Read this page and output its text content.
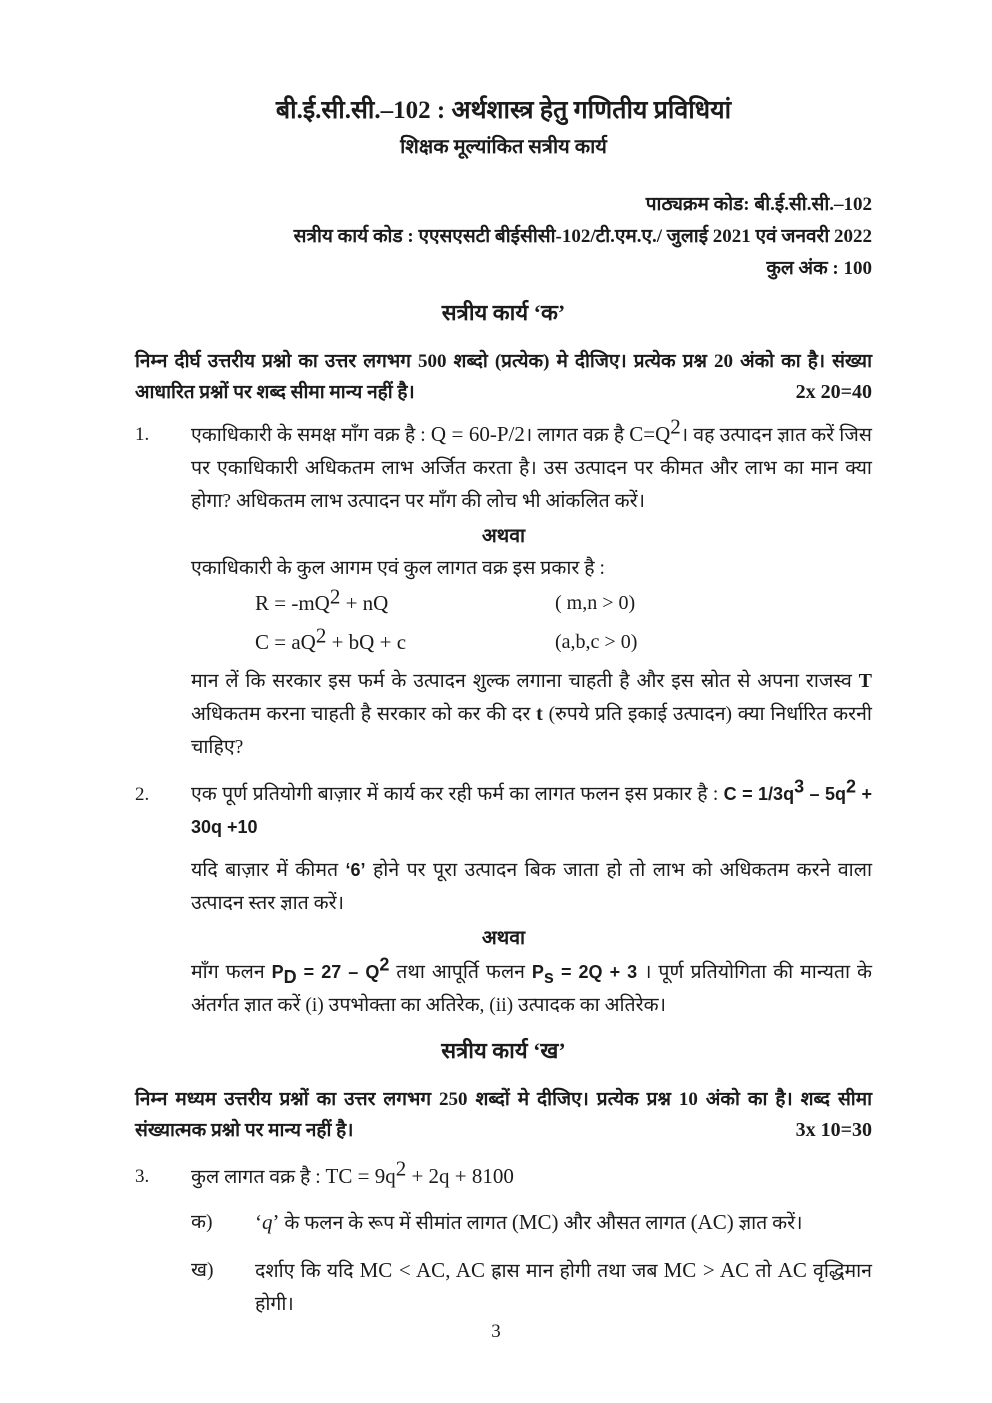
बी.ई.सी.सी.–102 : अर्थशास्त्र हेतु गणितीय प्रविधियां
शिक्षक मूल्यांकित सत्रीय कार्य
पाठ्यक्रम कोड: बी.ई.सी.सी.–102
सत्रीय कार्य कोड : एएसएसटी बीईसीसी-102/टी.एम.ए./ जुलाई 2021 एवं जनवरी 2022
कुल अंक : 100
सत्रीय कार्य ‘क’

निम्न दीर्घ उत्तरीय प्रश्नो का उत्तर लगभग 500 शब्दो (प्रत्येक) मे दीजिए। प्रत्येक प्रश्न 20 अंको का है। संख्या आधारित प्रश्नों पर शब्द सीमा मान्य नहीं है।	2x 20=40

1.	एकाधिकारी के समक्ष माँग वक्र है : Q = 60-P/2। लागत वक्र है $C=Q^2।$ वह उत्पादन ज्ञात करें जिस पर एकाधिकारी अधिकतम लाभ अर्जित करता है। उस उत्पादन पर कीमत और लाभ का मान क्या होगा? अधिकतम लाभ उत्पादन पर माँग की लोच भी आंकलित करें।
अथवा
एकाधिकारी के कुल आगम एवं कुल लागत वक्र इस प्रकार है :
$R = -mQ^2$ + nQ	( m,n > 0)
$C = aQ^2$ + bQ + c	(a,b,c > 0)
मान लें कि सरकार इस फर्म के उत्पादन शुल्क लगाना चाहती है और इस स्रोत से अपना राजस्व T अधिकतम करना चाहती है सरकार को कर की दर t (रुपये प्रति इकाई उत्पादन) क्या निर्धारित करनी चाहिए?
2.	एक पूर्ण प्रतियोगी बाज़ार में कार्य कर रही फर्म का लागत फलन इस प्रकार है : $C = 1/3q^3 - 5q^2 + 30q +10$
यदि बाज़ार में कीमत ‘6’ होने पर पूरा उत्पादन बिक जाता हो तो लाभ को अधिकतम करने वाला उत्पादन स्तर ज्ञात करें।
अथवा
माँग फलन $P_D = 27 - Q^2$ तथा आपूर्ति फलन $P_s = 2Q + 3$ । पूर्ण प्रतियोगिता की मान्यता के अंतर्गत ज्ञात करें (i) उपभोक्ता का अतिरेक, (ii) उत्पादक का अतिरेक।
सत्रीय कार्य ‘ख’

निम्न मध्यम उत्तरीय प्रश्नों का उत्तर लगभग 250 शब्दों मे दीजिए। प्रत्येक प्रश्न 10 अंको का है। शब्द सीमा संख्यात्मक प्रश्नो पर मान्य नहीं है।	3x 10=30

3.	कुल लागत वक्र है : TC = $9q^2 + 2q + 8100$
क)	‘q’ के फलन के रूप में सीमांत लागत (MC) और औसत लागत (AC) ज्ञात करें।
ख)	दर्शाए कि यदि MC < AC, AC ह्रास मान होगी तथा जब MC > AC तो AC वृद्धिमान होगी।
3
